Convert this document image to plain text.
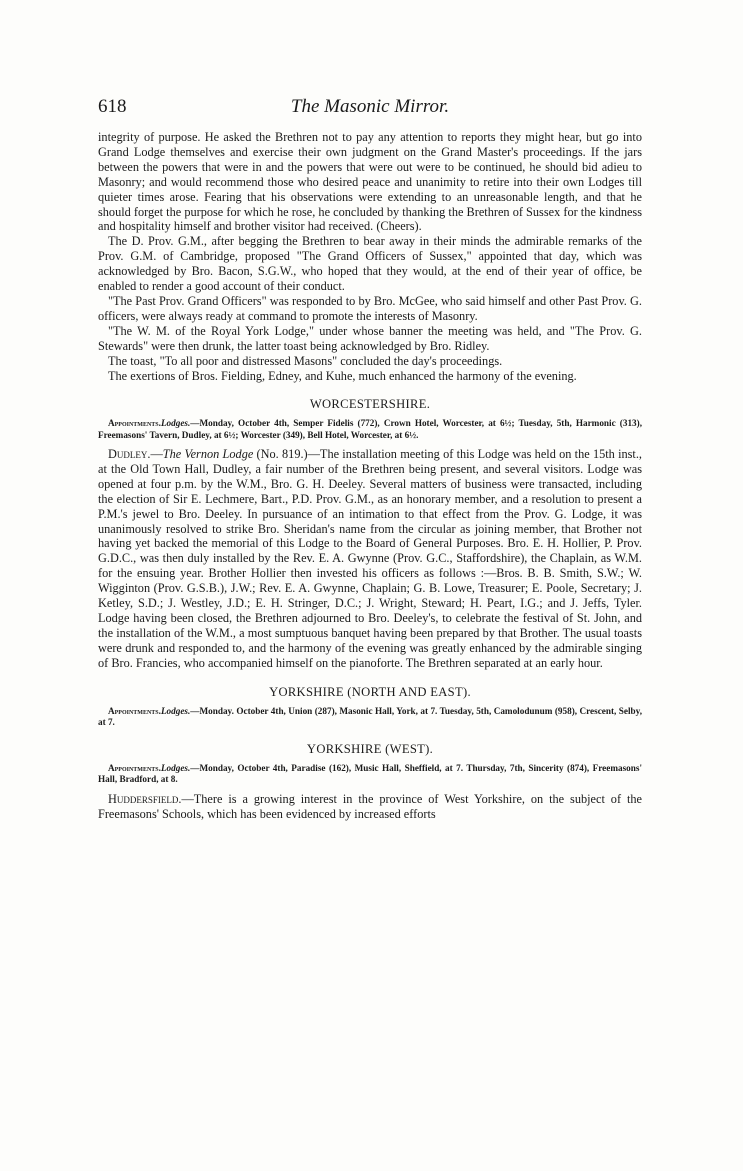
618	The Masonic Mirror.

integrity of purpose. He asked the Brethren not to pay any attention to reports they might hear, but go into Grand Lodge themselves and exercise their own judgment on the Grand Master's proceedings. If the jars between the powers that were in and the powers that were out were to be continued, he should bid adieu to Masonry; and would recommend those who desired peace and unanimity to retire into their own Lodges till quieter times arose. Fearing that his observations were extending to an unreasonable length, and that he should forget the purpose for which he rose, he concluded by thanking the Brethren of Sussex for the kindness and hospitality himself and brother visitor had received. (Cheers).

The D. Prov. G.M., after begging the Brethren to bear away in their minds the admirable remarks of the Prov. G.M. of Cambridge, proposed "The Grand Officers of Sussex," appointed that day, which was acknowledged by Bro. Bacon, S.G.W., who hoped that they would, at the end of their year of office, be enabled to render a good account of their conduct.

"The Past Prov. Grand Officers" was responded to by Bro. McGee, who said himself and other Past Prov. G. officers, were always ready at command to promote the interests of Masonry.

"The W. M. of the Royal York Lodge," under whose banner the meeting was held, and "The Prov. G. Stewards" were then drunk, the latter toast being acknowledged by Bro. Ridley.

The toast, "To all poor and distressed Masons" concluded the day's proceedings.

The exertions of Bros. Fielding, Edney, and Kuhe, much enhanced the harmony of the evening.

WORCESTERSHIRE.

Appointments.Lodges.—Monday, October 4th, Semper Fidelis (772), Crown Hotel, Worcester, at 6½; Tuesday, 5th, Harmonic (313), Freemasons' Tavern, Dudley, at 6½; Worcester (349), Bell Hotel, Worcester, at 6½.

Dudley.—The Vernon Lodge (No. 819.)—The installation meeting of this Lodge was held on the 15th inst., at the Old Town Hall, Dudley, a fair number of the Brethren being present, and several visitors. Lodge was opened at four p.m. by the W.M., Bro. G. H. Deeley. Several matters of business were transacted, including the election of Sir E. Lechmere, Bart., P.D. Prov. G.M., as an honorary member, and a resolution to present a P.M.'s jewel to Bro. Deeley. In pursuance of an intimation to that effect from the Prov. G. Lodge, it was unanimously resolved to strike Bro. Sheridan's name from the circular as joining member, that Brother not having yet backed the memorial of this Lodge to the Board of General Purposes. Bro. E. H. Hollier, P. Prov. G.D.C., was then duly installed by the Rev. E. A. Gwynne (Prov. G.C., Staffordshire), the Chaplain, as W.M. for the ensuing year. Brother Hollier then invested his officers as follows :—Bros. B. B. Smith, S.W.; W. Wigginton (Prov. G.S.B.), J.W.; Rev. E. A. Gwynne, Chaplain; G. B. Lowe, Treasurer; E. Poole, Secretary; J. Ketley, S.D.; J. Westley, J.D.; E. H. Stringer, D.C.; J. Wright, Steward; H. Peart, I.G.; and J. Jeffs, Tyler. Lodge having been closed, the Brethren adjourned to Bro. Deeley's, to celebrate the festival of St. John, and the installation of the W.M., a most sumptuous banquet having been prepared by that Brother. The usual toasts were drunk and responded to, and the harmony of the evening was greatly enhanced by the admirable singing of Bro. Francies, who accompanied himself on the pianoforte. The Brethren separated at an early hour.

YORKSHIRE (NORTH AND EAST).

Appointments.Lodges.—Monday. October 4th, Union (287), Masonic Hall, York, at 7. Tuesday, 5th, Camolodunum (958), Crescent, Selby, at 7.

YORKSHIRE (WEST).

Appointments.Lodges.—Monday, October 4th, Paradise (162), Music Hall, Sheffield, at 7. Thursday, 7th, Sincerity (874), Freemasons' Hall, Bradford, at 8.

Huddersfield.—There is a growing interest in the province of West Yorkshire, on the subject of the Freemasons' Schools, which has been evidenced by increased efforts
